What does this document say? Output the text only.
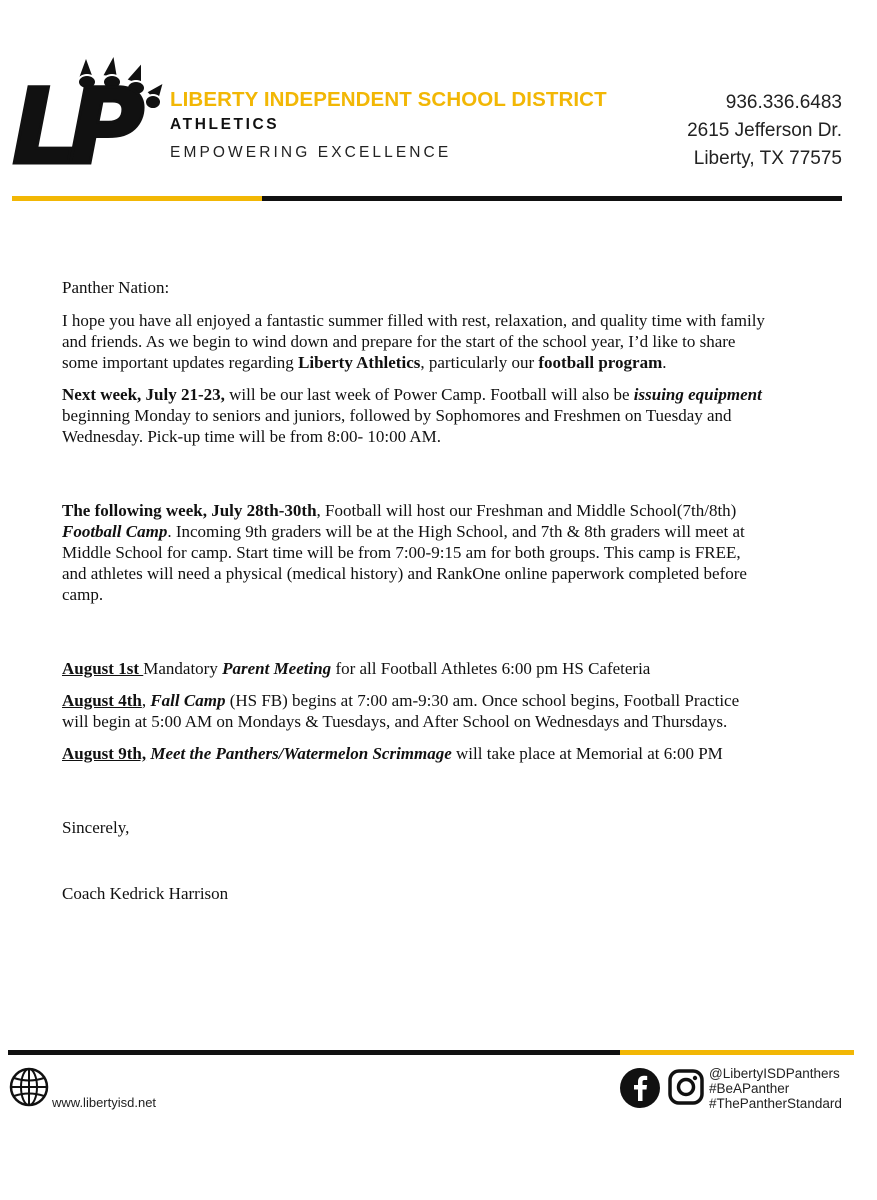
LP LIBERTY INDEPENDENT SCHOOL DISTRICT
ATHLETICS
EMPOWERING EXCELLENCE
936.336.6483
2615 Jefferson Dr.
Liberty, TX 77575

Panther Nation:

I hope you have all enjoyed a fantastic summer filled with rest, relaxation, and quality time with family and friends. As we begin to wind down and prepare for the start of the school year, I’d like to share some important updates regarding Liberty Athletics, particularly our football program.

Next week, July 21-23, will be our last week of Power Camp. Football will also be issuing equipment beginning Monday to seniors and juniors, followed by Sophomores and Freshmen on Tuesday and Wednesday. Pick-up time will be from 8:00- 10:00 AM.

The following week, July 28th-30th, Football will host our Freshman and Middle School(7th/8th) Football Camp. Incoming 9th graders will be at the High School, and 7th & 8th graders will meet at Middle School for camp. Start time will be from 7:00-9:15 am for both groups. This camp is FREE, and athletes will need a physical (medical history) and RankOne online paperwork completed before camp.

August 1st Mandatory Parent Meeting for all Football Athletes 6:00 pm HS Cafeteria

August 4th, Fall Camp (HS FB) begins at 7:00 am-9:30 am. Once school begins, Football Practice will begin at 5:00 AM on Mondays & Tuesdays, and After School on Wednesdays and Thursdays.

August 9th, Meet the Panthers/Watermelon Scrimmage will take place at Memorial at 6:00 PM

Sincerely,

Coach Kedrick Harrison

www.libertyisd.net
@LibertyISDPanthers
#BeAPanther
#ThePantherStandard
